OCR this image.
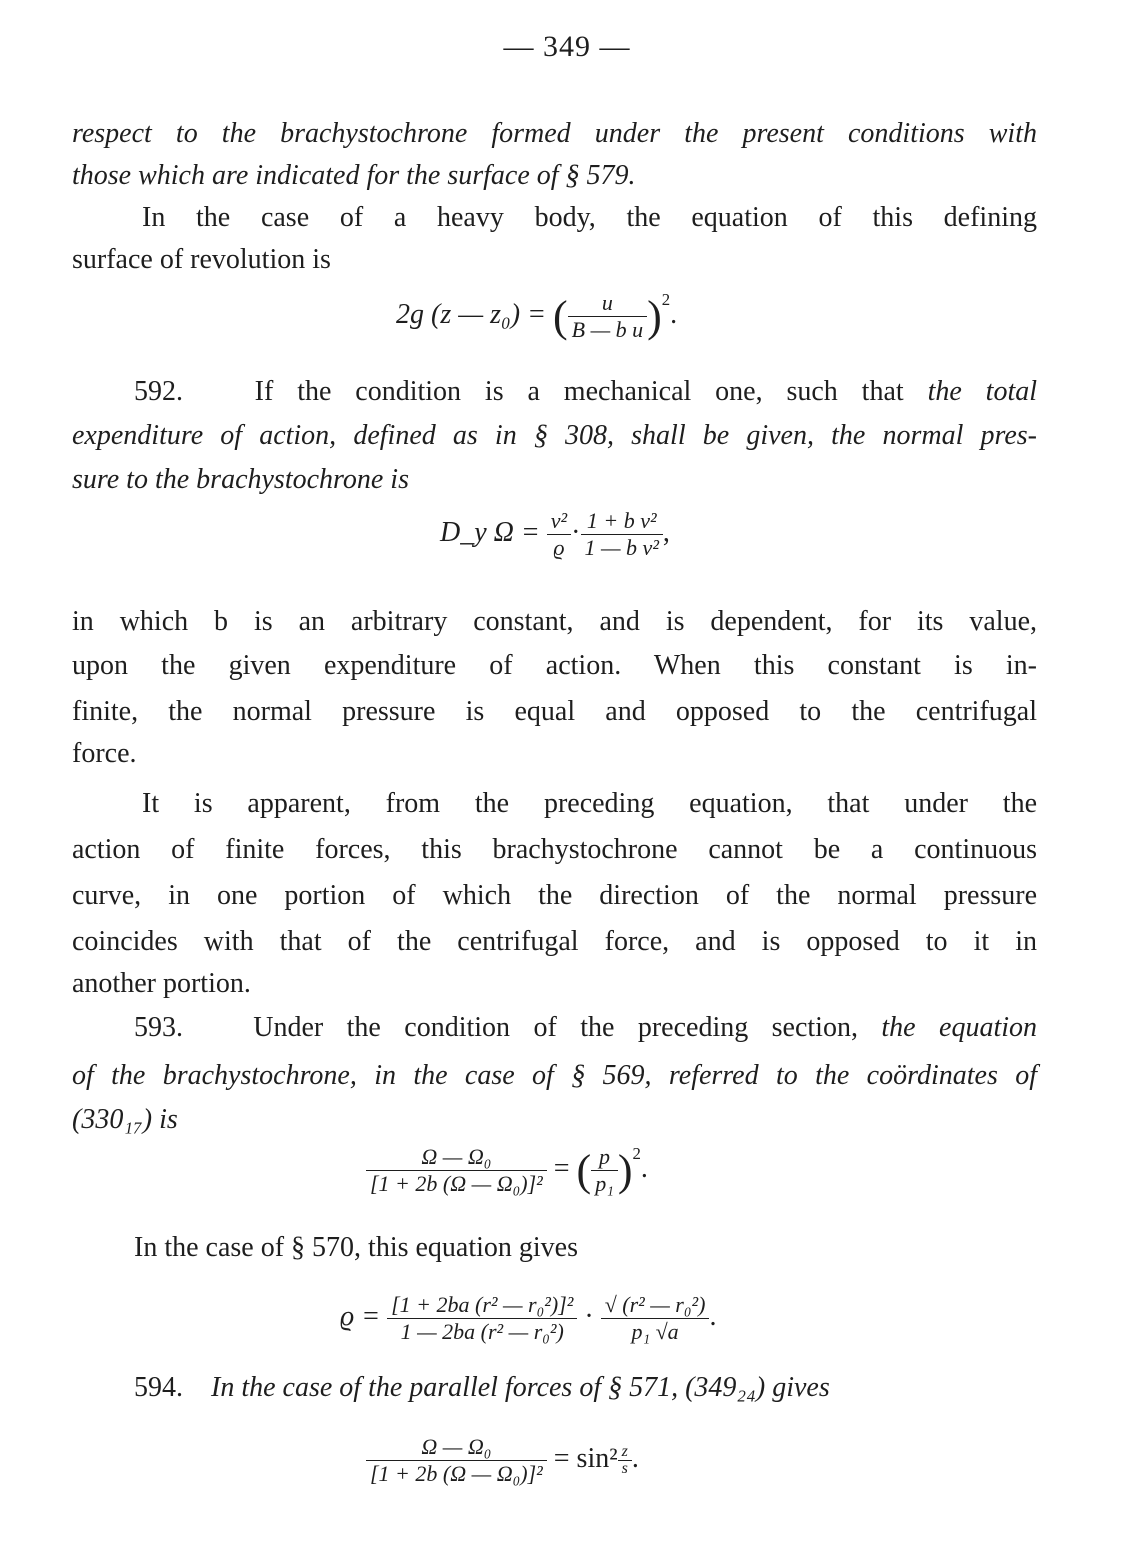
— 349 —
respect to the brachystochrone formed under the present conditions with
those which are indicated for the surface of § 579.
In the case of a heavy body, the equation of this defining
surface of revolution is
2g (z — z₀) = ( $\frac{u}{\text{B — b u}} )^2$.
592.	If the condition is a mechanical one, such that the total
expenditure of action, defined as in § 308, shall be given, the normal pres-
sure to the brachystochrone is
D_y $\Omega = \frac{\text{v²}}{ϱ} \cdot \frac{\text{1 + b v²}}{\text{1 — b v²}}$ ,
in which b is an arbitrary constant, and is dependent, for its value,
upon the given expenditure of action. When this constant is in-
finite, the normal pressure is equal and opposed to the centrifugal
force.
It is apparent, from the preceding equation, that under the
action of finite forces, this brachystochrone cannot be a continuous
curve, in one portion of which the direction of the normal pressure
coincides with that of the centrifugal force, and is opposed to it in
another portion.
593.	Under the condition of the preceding section, the equation
of the brachystochrone, in the case of § 569, referred to the coördinates of
(330₁₇) is
$\frac{\text{Ω — Ω₀}}{\text{[1 + 2b (Ω — Ω₀)]²}}$ = ( $\frac{p}{\text{p₁}} )^2$.
In the case of § 570, this equation gives
$ϱ = \frac{\text{[1 + 2ba (r² — r₀²)]²}}{\text{1 — 2ba (r² — r₀²)}} \cdot \frac{\text{√ (r² — r₀²)}}{\text{p₁ √a}}$ .
594. In the case of the parallel forces of § 571, (349₂₄) gives
$\frac{\text{Ω — Ω₀}}{\text{[1 + 2b (Ω — Ω₀)]²}} = \sin^2 \frac{z}{s}$ .
